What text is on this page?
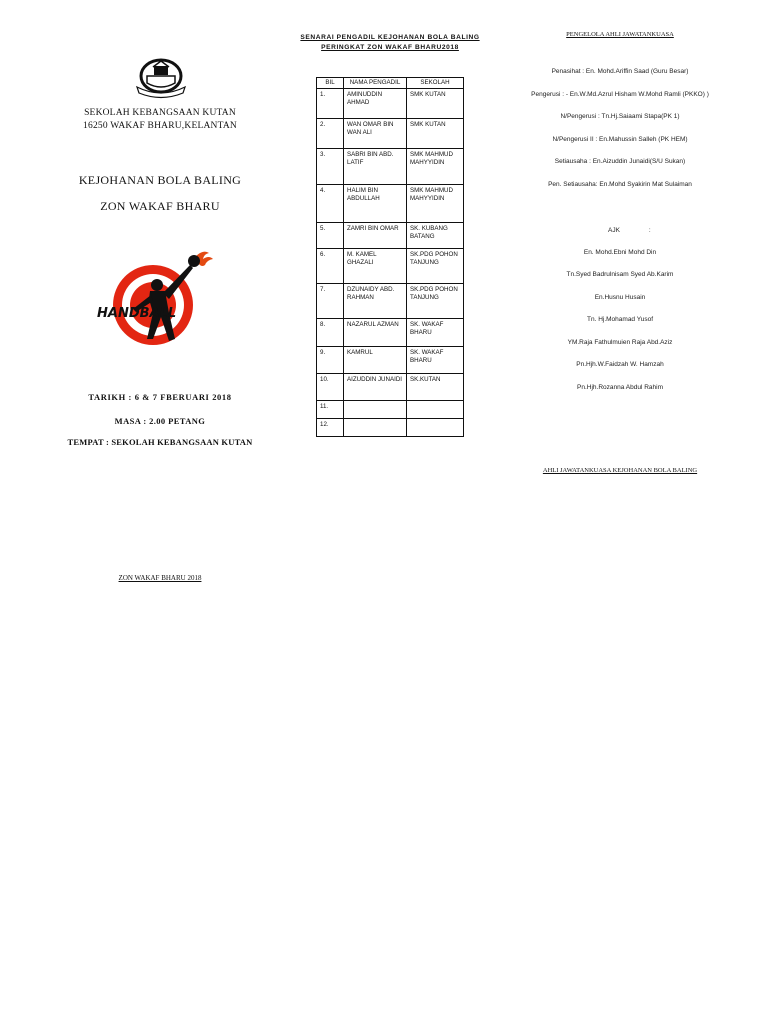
SEKOLAH KEBANGSAAN KUTAN
16250 WAKAF BHARU,KELANTAN
KEJOHANAN BOLA BALING
ZON WAKAF BHARU
HANDBALL
TARIKH : 6 & 7 FBERUARI 2018
MASA : 2.00 PETANG
TEMPAT : SEKOLAH KEBANGSAAN KUTAN
ZON WAKAF BHARU 2018
SENARAI PENGADIL KEJOHANAN BOLA BALING
PERINGKAT ZON WAKAF BHARU2018
BIL	NAMA PENGADIL	SEKOLAH
1.	AMINUDDIN AHMAD	SMK KUTAN
2.	WAN OMAR BIN WAN ALI	SMK KUTAN
3.	SABRI BIN ABD. LATIF	SMK MAHMUD MAHYYIDIN
4.	HALIM BIN ABDULLAH	SMK MAHMUD MAHYYIDIN
5.	ZAMRI BIN OMAR	SK. KUBANG BATANG
6.	M. KAMEL GHAZALI	SK.PDG POHON TANJUNG
7.	DZUNAIDY ABD. RAHMAN	SK.PDG POHON TANJUNG
8.	NAZARUL AZMAN	SK. WAKAF BHARU
9.	KAMRUL	SK. WAKAF BHARU
10.	AIZUDDIN JUNAIDI	SK.KUTAN
11.		
12.		
PENGELOLA AHLI JAWATANKUASA
Penasihat : En. Mohd.Ariffin Saad (Guru Besar)
Pengerusi : - En.W.Md.Azrul Hisham W.Mohd Ramli (PKKO) )
N/Pengerusi : Tn.Hj.Saiaami Stapa(PK 1)
N/Pengerusi II : En.Mahussin Salleh (PK HEM)
Setiausaha : En.Aizuddin Junaidi(S/U Sukan)
Pen. Setiausaha: En.Mohd Syakirin Mat Sulaiman
AJK                :
En. Mohd.Ebni Mohd Din
Tn.Syed Badrulnisam Syed Ab.Karim
En.Husnu Husain
Tn. Hj.Mohamad Yusof
YM.Raja Fathulmuien Raja Abd.Aziz
Pn.Hjh.W.Faidzah W. Hamzah
Pn.Hjh.Rozanna Abdul Rahim
AHLI JAWATANKUASA KEJOHANAN BOLA BALING
